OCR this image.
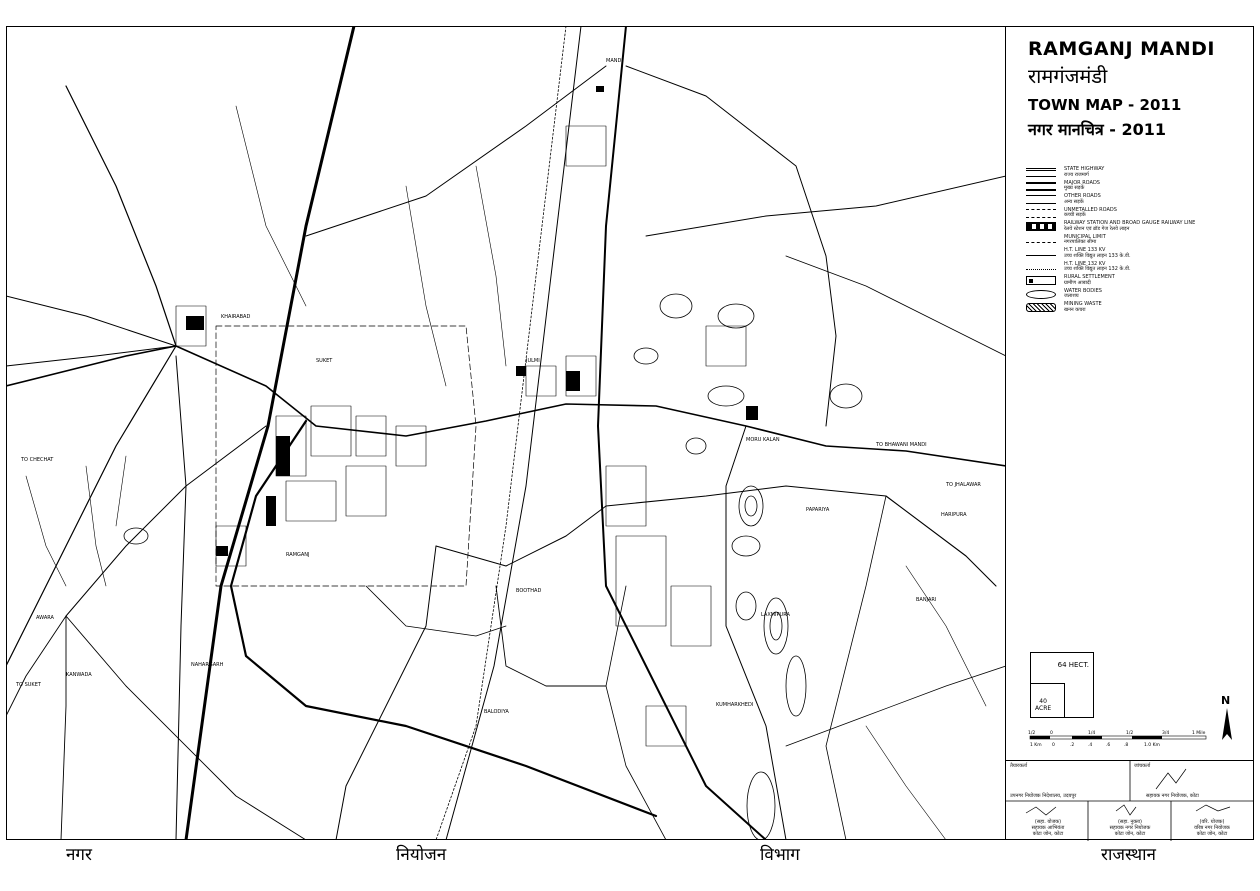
KHAIRABAD
SUKET	JULMI
MANDI
RAMGANJ
KUMHARKHEDI
BALODIYA
BOOTHAD
PAPARIYA
NAHARGARH
KANWADA
AWARA
BANJARI
HARIPURA
LAXMIPURA
MORU KALAN
TO JHALAWAR
TO CHECHAT
TO SUKET
TO BHAWANI MANDI
RAMGANJ MANDI
रामगंजमंडी
TOWN MAP - 2011
नगर मानचित्र - 2011
STATE HIGHWAY
राज्य राजमार्ग
MAJOR ROADS
मुख्य सड़कें
OTHER ROADS
अन्य सड़कें
UNMETALLED ROADS
कच्ची सड़कें
RAILWAY STATION AND BROAD GAUGE RAILWAY LINE
रेलवे स्टेशन एवं ब्रॉड गेज रेलवे लाइन
MUNICIPAL LIMIT
नगरपालिका सीमा
H.T. LINE 133 KV
उच्च शक्ति विद्युत लाइन 133 के.वी.
H.T. LINE 132 KV
उच्च शक्ति विद्युत लाइन 132 के.वी.
RURAL SETTLEMENT
ग्रामीण आबादी
WATER BODIES
जलाशय
MINING WASTE
खनन कचरा
64 HECT.
40
ACRE
1/2	0	1/4	1/2	3/4	1 Mile
1 Km 0	.2	.4	.6	.8	1.0 Km
N
तैयारकर्ता	जांचकर्ता
उपनगर नियोजक निदेशालय, उदयपुर	सहायक नगर नियोजक, कोटा
(सहा. योजक)
सहायक आभियंता
कोटा जोन, कोटा
(सहा. नुक्ता)
सहायक नगर नियोजक
कोटा जोन, कोटा
(वरि. योजक)
वरिष्ठ नगर नियोजक
कोटा जोन, कोटा
नगर	नियोजन	विभाग	राजस्थान
